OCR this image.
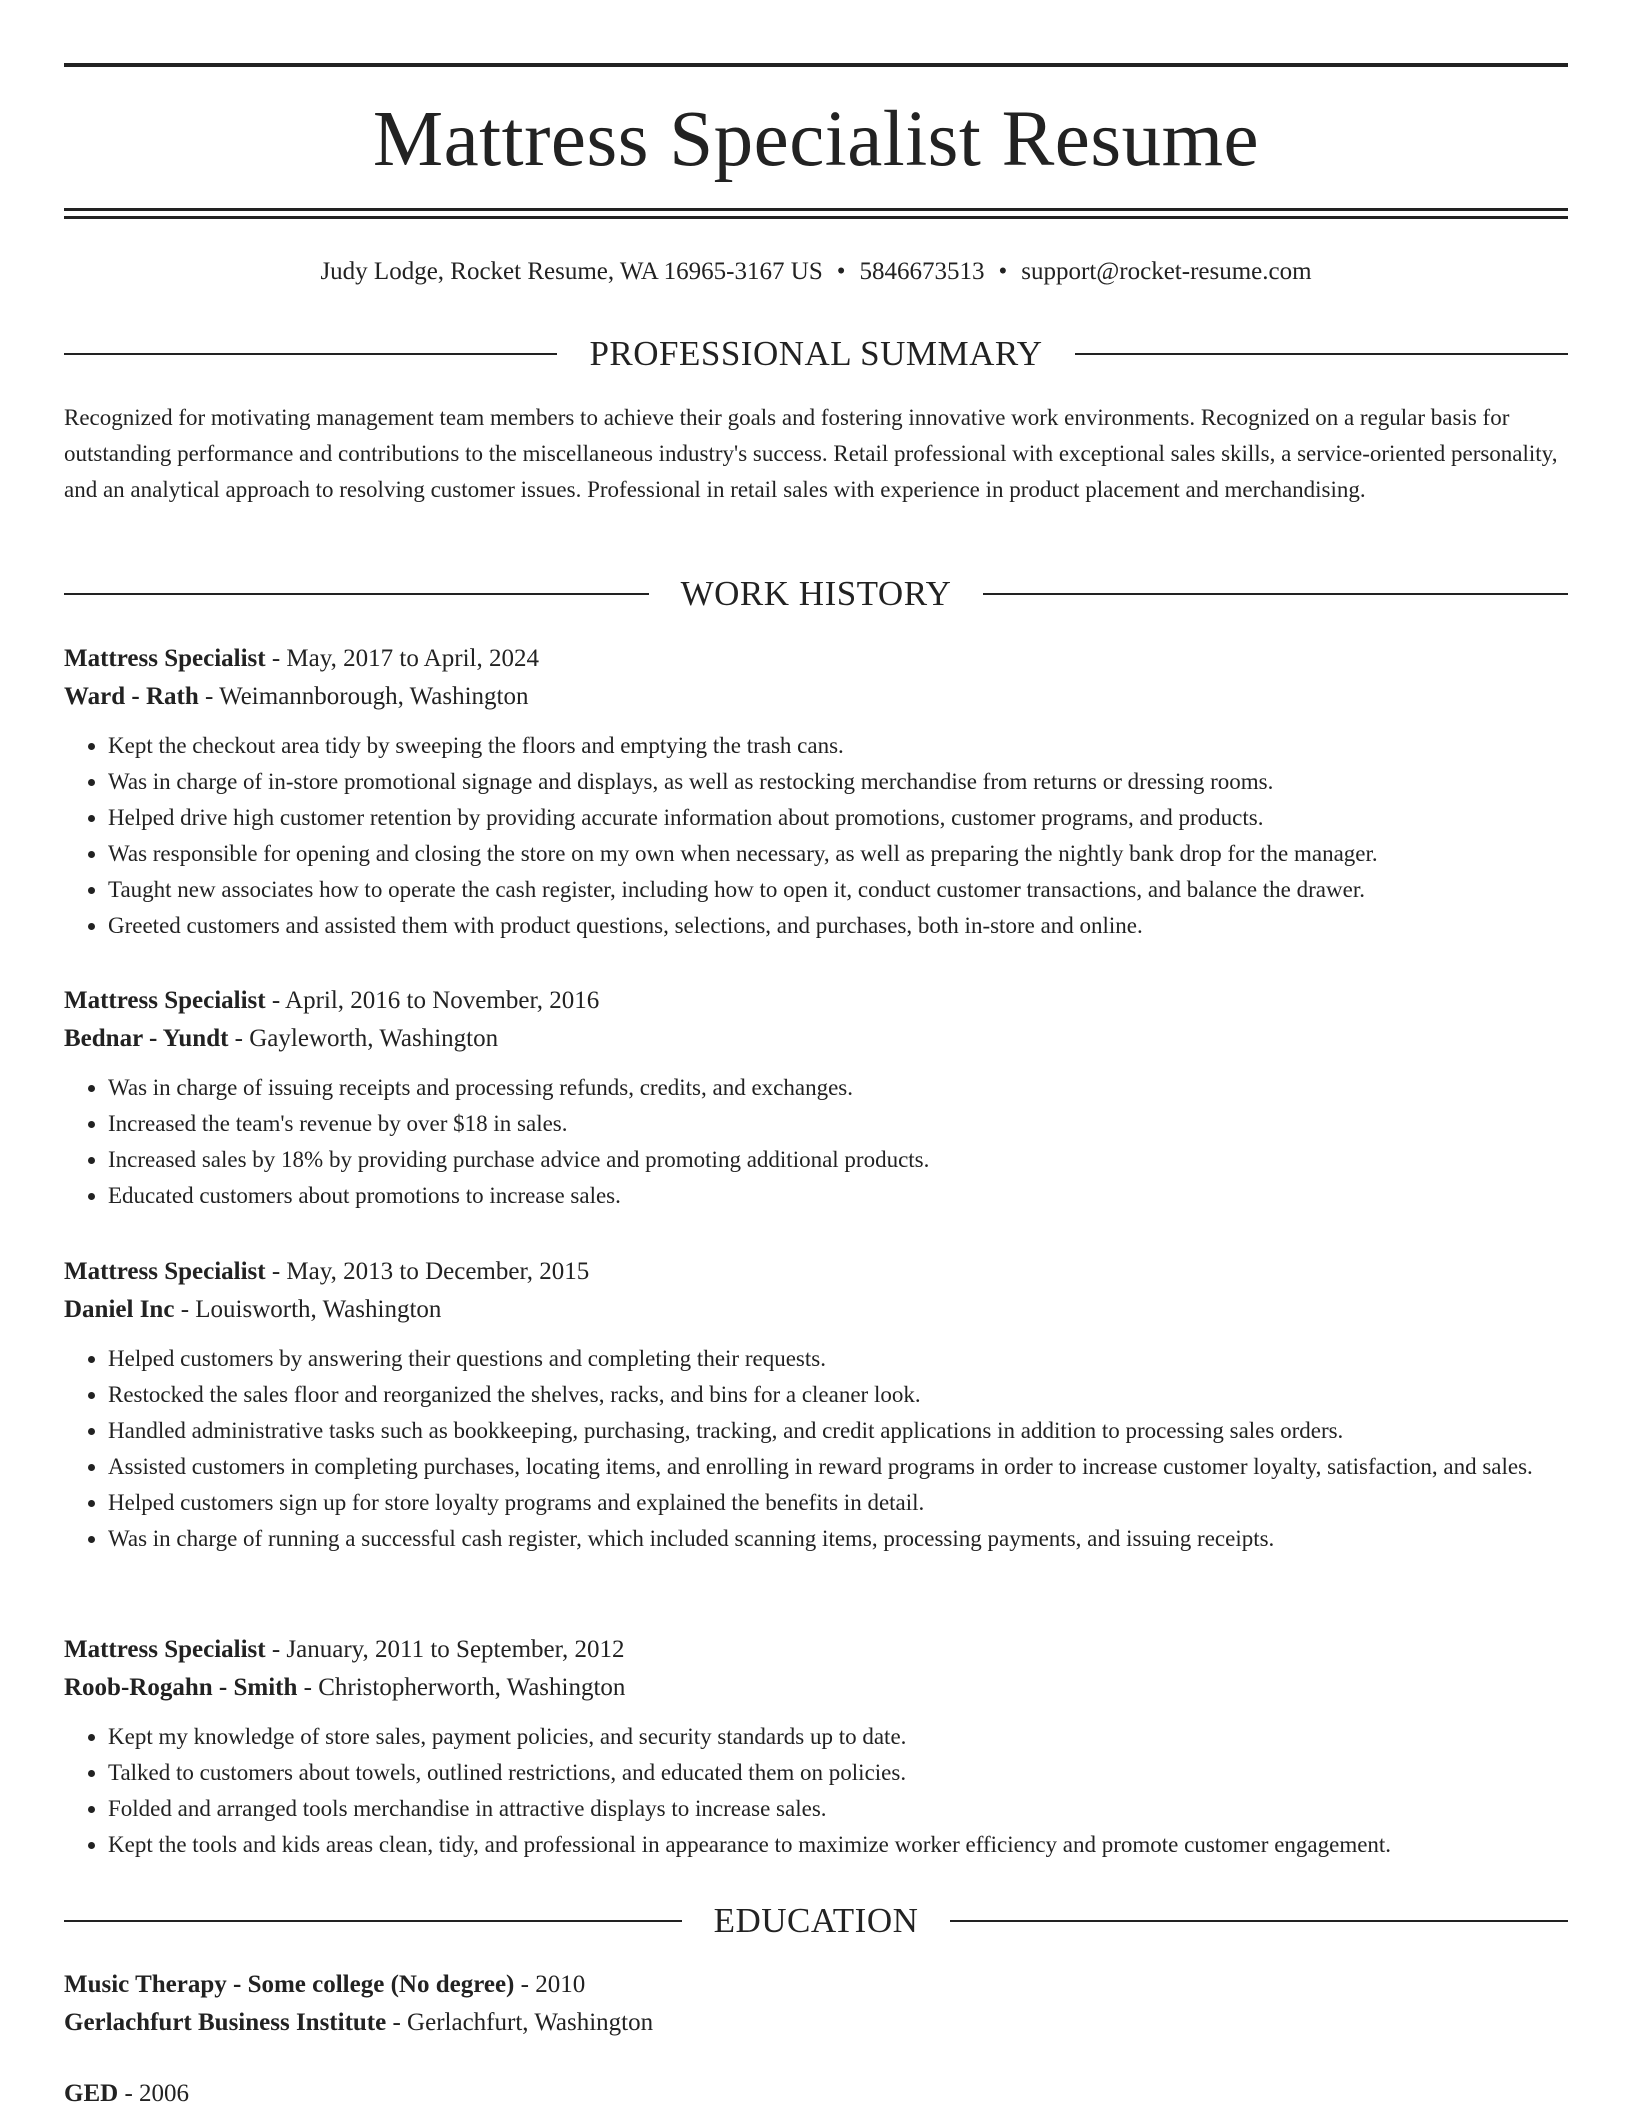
Mattress Specialist Resume
Judy Lodge, Rocket Resume, WA 16965-3167 US • 5846673513 • support@rocket-resume.com
PROFESSIONAL SUMMARY

Recognized for motivating management team members to achieve their goals and fostering innovative work environments. Recognized on a regular basis for outstanding performance and contributions to the miscellaneous industry's success. Retail professional with exceptional sales skills, a service-oriented personality, and an analytical approach to resolving customer issues. Professional in retail sales with experience in product placement and merchandising.

WORK HISTORY

Mattress Specialist - May, 2017 to April, 2024

Ward - Rath - Weimannborough, Washington

• Kept the checkout area tidy by sweeping the floors and emptying the trash cans.
• Was in charge of in-store promotional signage and displays, as well as restocking merchandise from returns or dressing rooms.
• Helped drive high customer retention by providing accurate information about promotions, customer programs, and products.
• Was responsible for opening and closing the store on my own when necessary, as well as preparing the nightly bank drop for the manager.
• Taught new associates how to operate the cash register, including how to open it, conduct customer transactions, and balance the drawer.
• Greeted customers and assisted them with product questions, selections, and purchases, both in-store and online.

Mattress Specialist - April, 2016 to November, 2016

Bednar - Yundt - Gayleworth, Washington

• Was in charge of issuing receipts and processing refunds, credits, and exchanges.
• Increased the team's revenue by over $18 in sales.
• Increased sales by 18% by providing purchase advice and promoting additional products.
• Educated customers about promotions to increase sales.

Mattress Specialist - May, 2013 to December, 2015

Daniel Inc - Louisworth, Washington

• Helped customers by answering their questions and completing their requests.
• Restocked the sales floor and reorganized the shelves, racks, and bins for a cleaner look.
• Handled administrative tasks such as bookkeeping, purchasing, tracking, and credit applications in addition to processing sales orders.
• Assisted customers in completing purchases, locating items, and enrolling in reward programs in order to increase customer loyalty, satisfaction, and sales.
• Helped customers sign up for store loyalty programs and explained the benefits in detail.
• Was in charge of running a successful cash register, which included scanning items, processing payments, and issuing receipts.

Mattress Specialist - January, 2011 to September, 2012

Roob-Rogahn - Smith - Christopherworth, Washington

• Kept my knowledge of store sales, payment policies, and security standards up to date.
• Talked to customers about towels, outlined restrictions, and educated them on policies.
• Folded and arranged tools merchandise in attractive displays to increase sales.
• Kept the tools and kids areas clean, tidy, and professional in appearance to maximize worker efficiency and promote customer engagement.
EDUCATION

Music Therapy - Some college (No degree) - 2010

Gerlachfurt Business Institute - Gerlachfurt, Washington

GED - 2006
